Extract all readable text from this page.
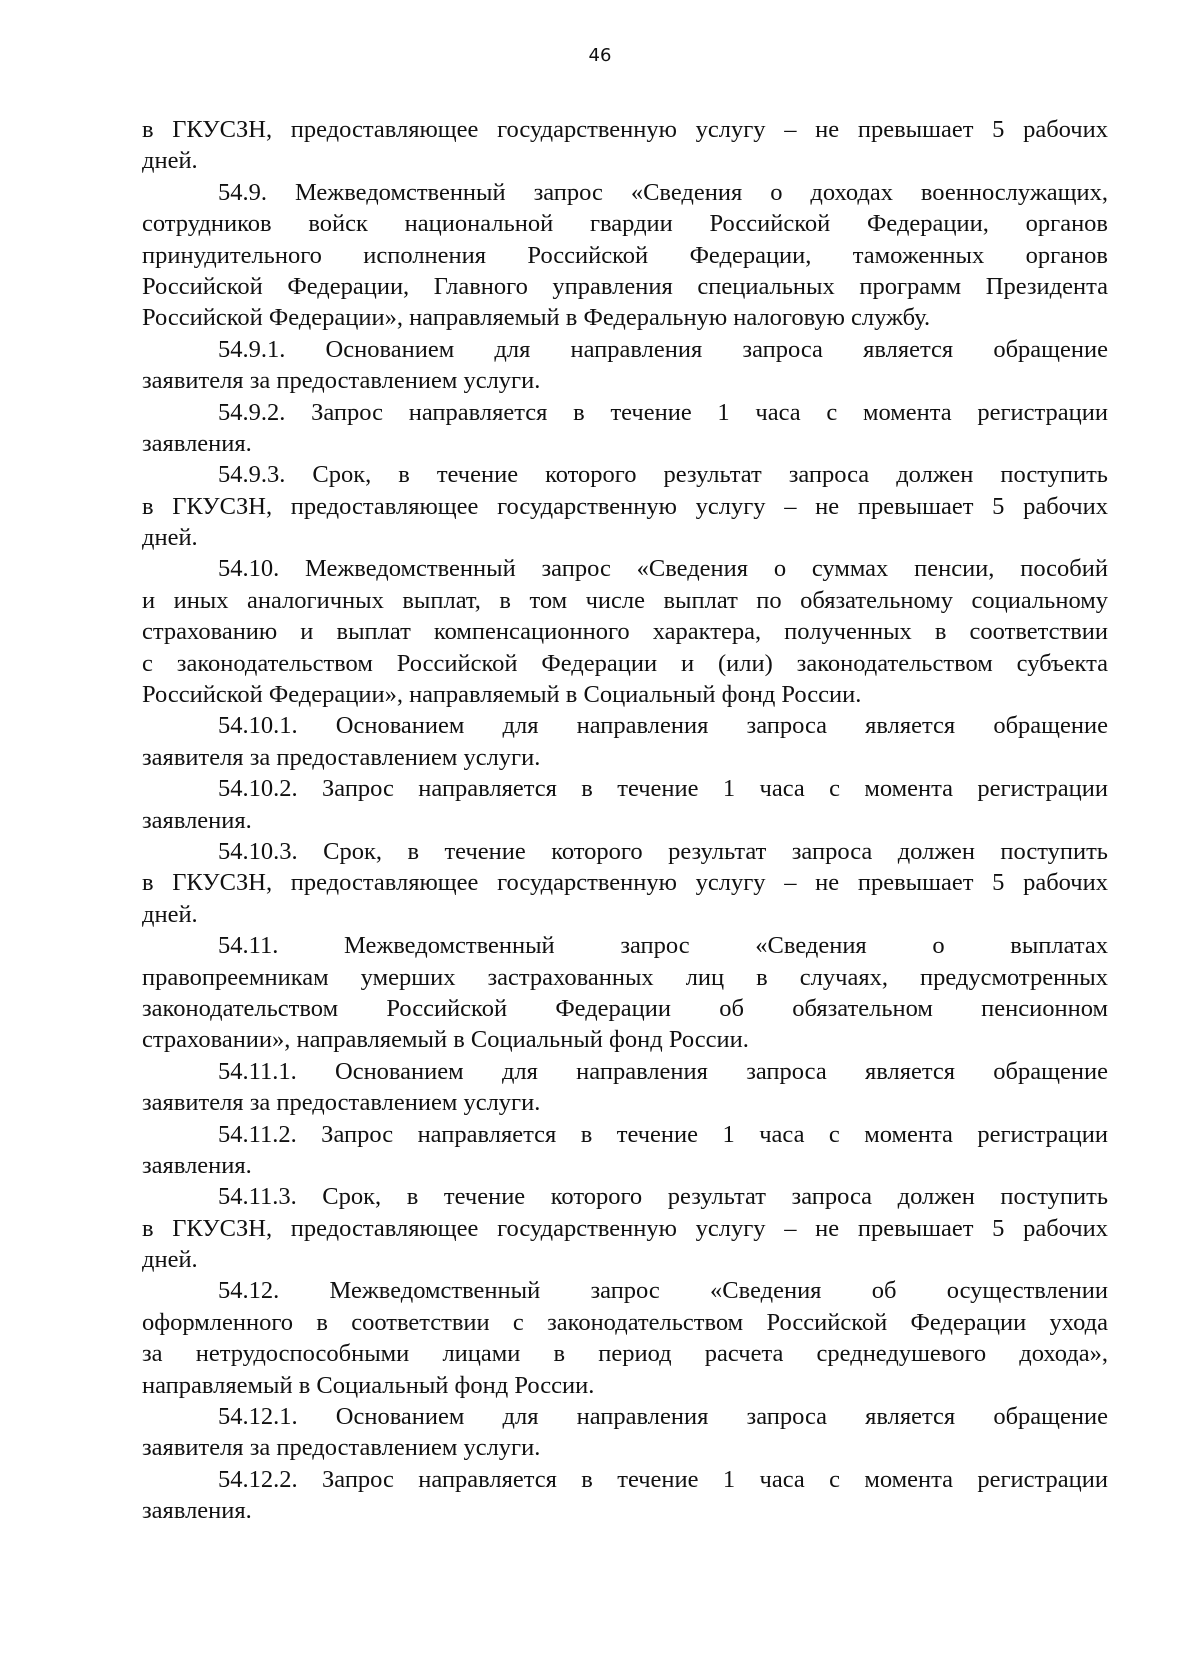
46
в ГКУСЗН, предоставляющее государственную услугу – не превышает 5 рабочих
дней.
54.9. Межведомственный запрос «Сведения о доходах военнослужащих,
сотрудников войск национальной гвардии Российской Федерации, органов
принудительного исполнения Российской Федерации, таможенных органов
Российской Федерации, Главного управления специальных программ Президента
Российской Федерации», направляемый в Федеральную налоговую службу.
54.9.1. Основанием для направления запроса является обращение
заявителя за предоставлением услуги.
54.9.2. Запрос направляется в течение 1 часа с момента регистрации
заявления.
54.9.3. Срок, в течение которого результат запроса должен поступить
в ГКУСЗН, предоставляющее государственную услугу – не превышает 5 рабочих
дней.
54.10. Межведомственный запрос «Сведения о суммах пенсии, пособий
и иных аналогичных выплат, в том числе выплат по обязательному социальному
страхованию и выплат компенсационного характера, полученных в соответствии
с законодательством Российской Федерации и (или) законодательством субъекта
Российской Федерации», направляемый в Социальный фонд России.
54.10.1. Основанием для направления запроса является обращение
заявителя за предоставлением услуги.
54.10.2. Запрос направляется в течение 1 часа с момента регистрации
заявления.
54.10.3. Срок, в течение которого результат запроса должен поступить
в ГКУСЗН, предоставляющее государственную услугу – не превышает 5 рабочих
дней.
54.11. Межведомственный запрос «Сведения о выплатах
правопреемникам умерших застрахованных лиц в случаях, предусмотренных
законодательством Российской Федерации об обязательном пенсионном
страховании», направляемый в Социальный фонд России.
54.11.1. Основанием для направления запроса является обращение
заявителя за предоставлением услуги.
54.11.2. Запрос направляется в течение 1 часа с момента регистрации
заявления.
54.11.3. Срок, в течение которого результат запроса должен поступить
в ГКУСЗН, предоставляющее государственную услугу – не превышает 5 рабочих
дней.
54.12. Межведомственный запрос «Сведения об осуществлении
оформленного в соответствии с законодательством Российской Федерации ухода
за нетрудоспособными лицами в период расчета среднедушевого дохода»,
направляемый в Социальный фонд России.
54.12.1. Основанием для направления запроса является обращение
заявителя за предоставлением услуги.
54.12.2. Запрос направляется в течение 1 часа с момента регистрации
заявления.
